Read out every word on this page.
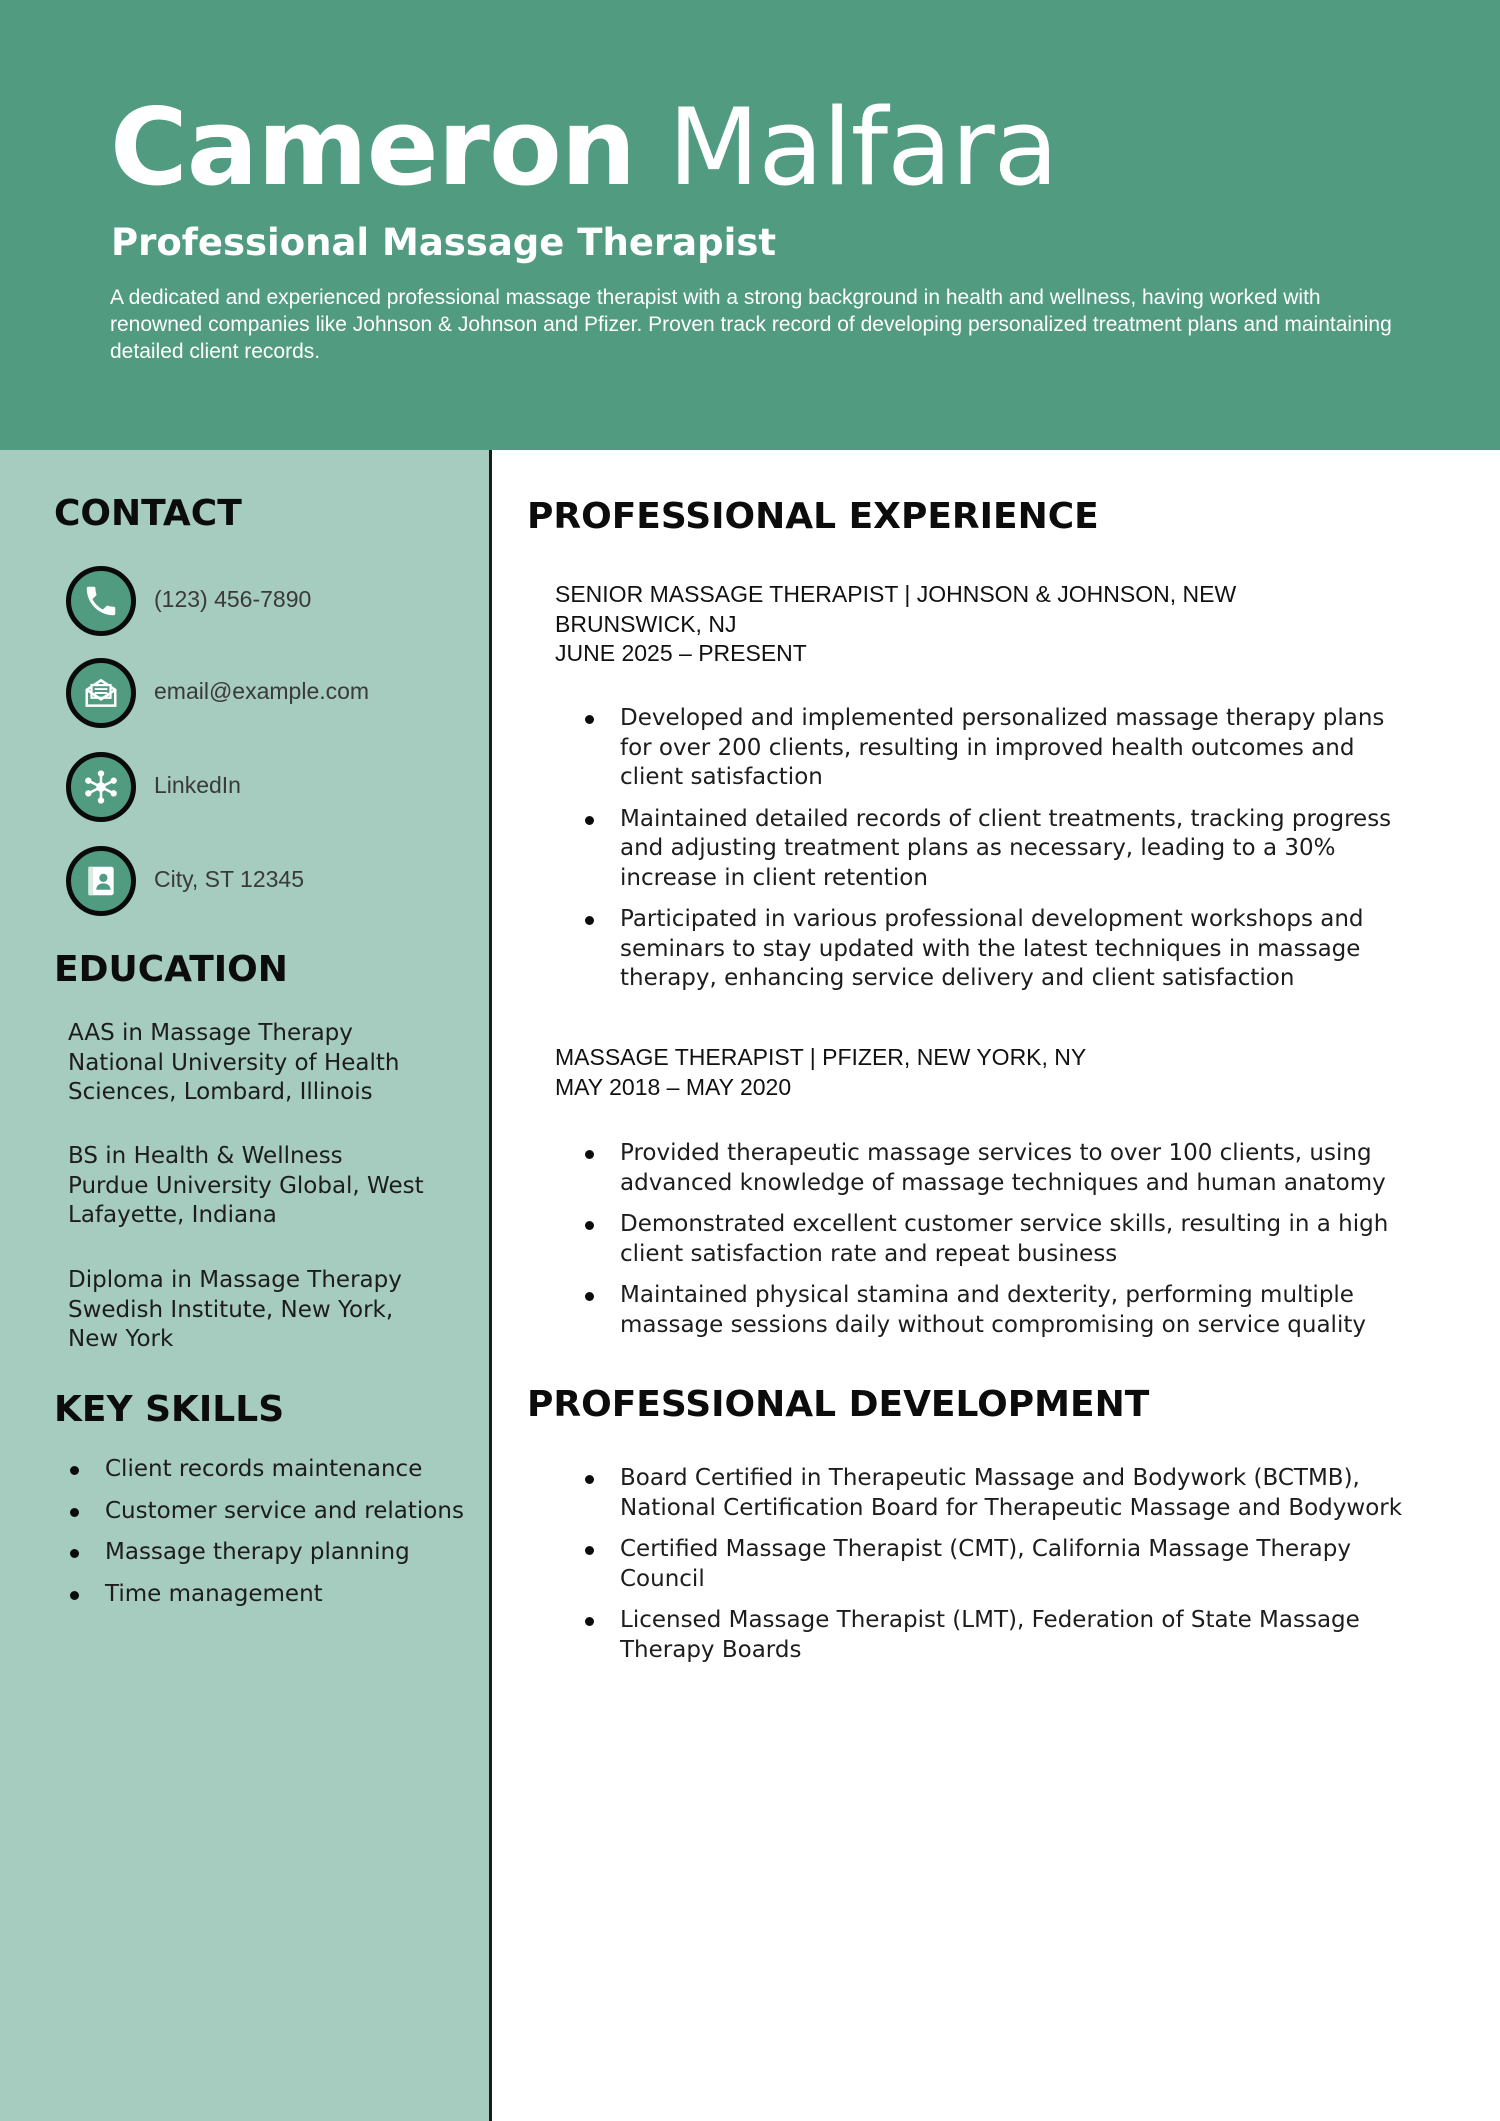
Cameron Malfara
Professional Massage Therapist
A dedicated and experienced professional massage therapist with a strong background in health and wellness, having worked with renowned companies like Johnson & Johnson and Pfizer. Proven track record of developing personalized treatment plans and maintaining detailed client records.
CONTACT
(123) 456-7890
email@example.com
LinkedIn
City, ST 12345
EDUCATION
AAS in Massage Therapy
National University of Health Sciences, Lombard, Illinois
BS in Health & Wellness
Purdue University Global, West Lafayette, Indiana
Diploma in Massage Therapy
Swedish Institute, New York, New York
KEY SKILLS
Client records maintenance
Customer service and relations
Massage therapy planning
Time management
PROFESSIONAL EXPERIENCE
SENIOR MASSAGE THERAPIST | JOHNSON & JOHNSON, NEW BRUNSWICK, NJ
JUNE 2025 – PRESENT
Developed and implemented personalized massage therapy plans for over 200 clients, resulting in improved health outcomes and client satisfaction
Maintained detailed records of client treatments, tracking progress and adjusting treatment plans as necessary, leading to a 30% increase in client retention
Participated in various professional development workshops and seminars to stay updated with the latest techniques in massage therapy, enhancing service delivery and client satisfaction
MASSAGE THERAPIST | PFIZER, NEW YORK, NY
MAY 2018 – MAY 2020
Provided therapeutic massage services to over 100 clients, using advanced knowledge of massage techniques and human anatomy
Demonstrated excellent customer service skills, resulting in a high client satisfaction rate and repeat business
Maintained physical stamina and dexterity, performing multiple massage sessions daily without compromising on service quality
PROFESSIONAL DEVELOPMENT
Board Certified in Therapeutic Massage and Bodywork (BCTMB), National Certification Board for Therapeutic Massage and Bodywork
Certified Massage Therapist (CMT), California Massage Therapy Council
Licensed Massage Therapist (LMT), Federation of State Massage Therapy Boards
